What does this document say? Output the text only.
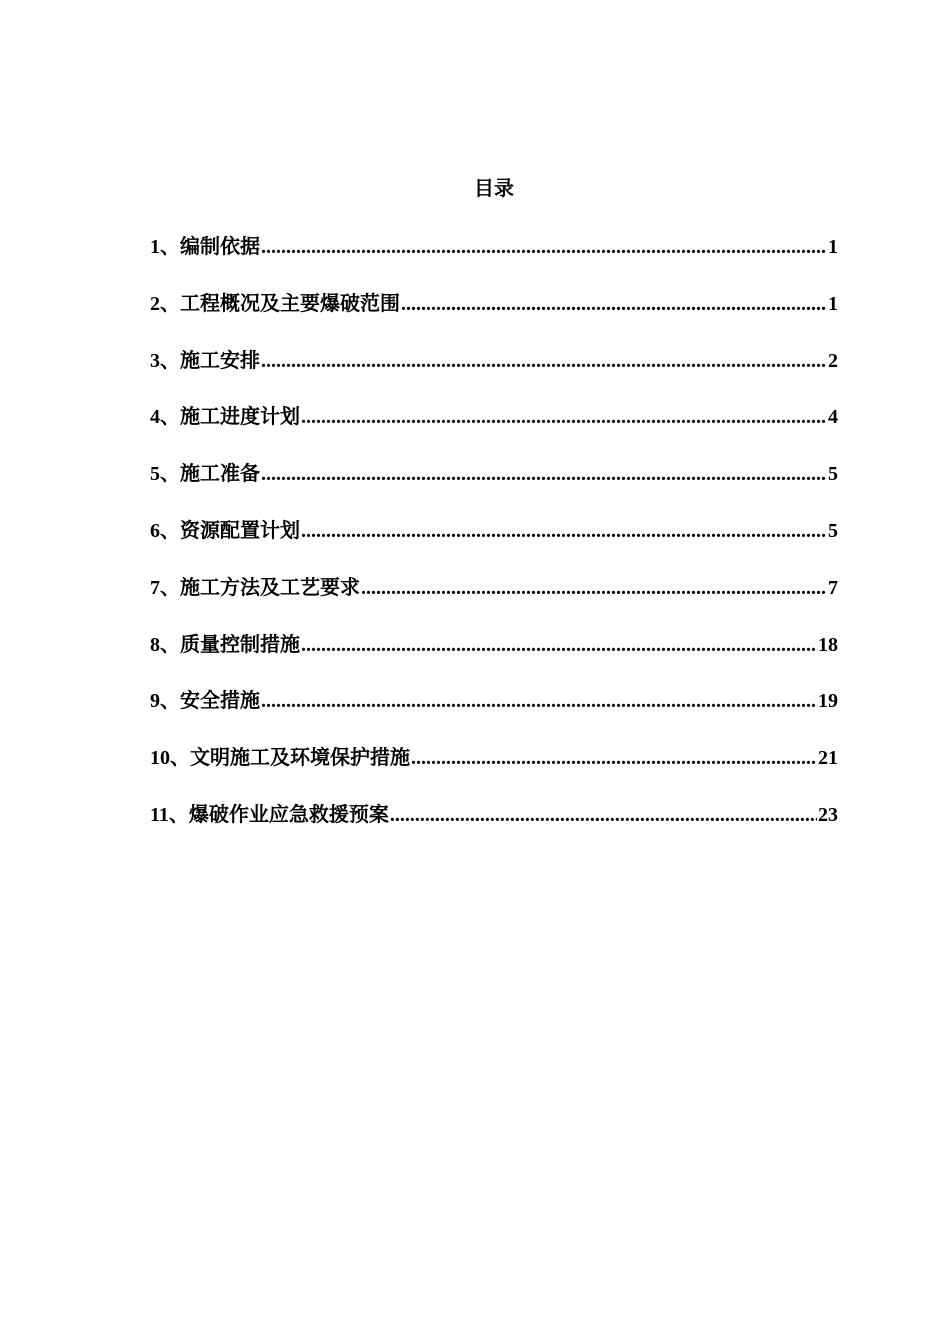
目录
1、编制依据 .....	1
2、工程概况及主要爆破范围 .....	1
3、施工安排 .....	2
4、施工进度计划 .....	4
5、施工准备 .....	5
6、资源配置计划 .....	5
7、施工方法及工艺要求 .....	7
8、质量控制措施 .....	18
9、安全措施 .....	19
10、文明施工及环境保护措施 .....	21
11、爆破作业应急救援预案 .....	23
